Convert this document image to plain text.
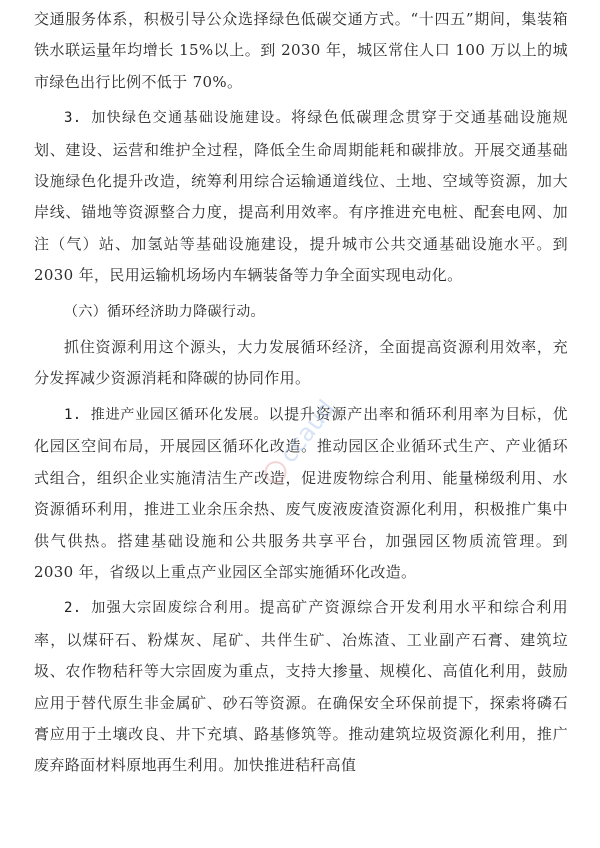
交通服务体系，积极引导公众选择绿色低碳交通方式。“十四五”期间，集装箱铁水联运量年均增长 15%以上。到 2030 年，城区常住人口 100 万以上的城市绿色出行比例不低于 70%。

3. 加快绿色交通基础设施建设。将绿色低碳理念贯穿于交通基础设施规划、建设、运营和维护全过程，降低全生命周期能耗和碳排放。开展交通基础设施绿色化提升改造，统筹利用综合运输通道线位、土地、空域等资源，加大岸线、锚地等资源整合力度，提高利用效率。有序推进充电桩、配套电网、加注（气）站、加氢站等基础设施建设，提升城市公共交通基础设施水平。到 2030 年，民用运输机场场内车辆装备等力争全面实现电动化。

（六）循环经济助力降碳行动。

抓住资源利用这个源头，大力发展循环经济，全面提高资源利用效率，充分发挥减少资源消耗和降碳的协同作用。

1. 推进产业园区循环化发展。以提升资源产出率和循环利用率为目标，优化园区空间布局，开展园区循环化改造。推动园区企业循环式生产、产业循环式组合，组织企业实施清洁生产改造，促进废物综合利用、能量梯级利用、水资源循环利用，推进工业余压余热、废气废液废渣资源化利用，积极推广集中供气供热。搭建基础设施和公共服务共享平台，加强园区物质流管理。到 2030 年，省级以上重点产业园区全部实施循环化改造。

2. 加强大宗固废综合利用。提高矿产资源综合开发利用水平和综合利用率，以煤矸石、粉煤灰、尾矿、共伴生矿、冶炼渣、工业副产石膏、建筑垃圾、农作物秸秆等大宗固废为重点，支持大掺量、规模化、高值化利用，鼓励应用于替代原生非金属矿、砂石等资源。在确保安全环保前提下，探索将磷石膏应用于土壤改良、井下充填、路基修筑等。推动建筑垃圾资源化利用，推广废弃路面材料原地再生利用。加快推进秸秆高值

ccaud
